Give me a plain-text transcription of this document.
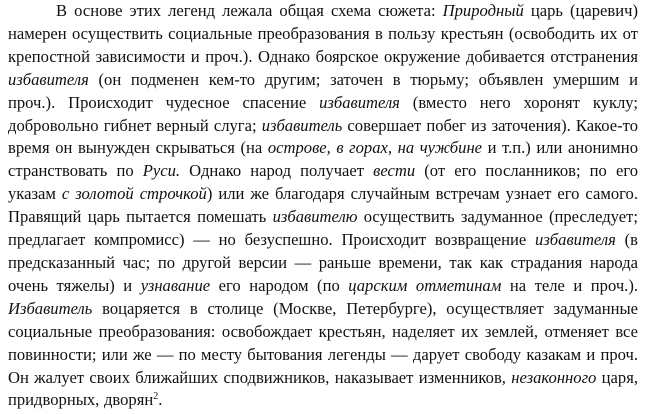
В основе этих легенд лежала общая схема сюжета: Природный царь (царевич) намерен осуществить социальные преобразования в пользу крестьян (освободить их от крепостной зависимости и проч.). Однако боярское окружение добивается отстранения избавителя (он подменен кем-то другим; заточен в тюрьму; объявлен умершим и проч.). Происходит чудесное спасение избавителя (вместо него хоронят куклу; добровольно гибнет верный слуга; избавитель совершает побег из заточения). Какое-то время он вынужден скрываться (на острове, в горах, на чужбине и т.п.) или анонимно странствовать по Руси. Однако народ получает вести (от его посланников; по его указам с золотой строчкой) или же благодаря случайным встречам узнает его самого. Правящий царь пытается помешать избавителю осуществить задуманное (преследует; предлагает компромисс) — но безуспешно. Происходит возвращение избавителя (в предсказанный час; по другой версии — раньше времени, так как страдания народа очень тяжелы) и узнавание его народом (по царским отметинам на теле и проч.). Избавитель воцаряется в столице (Москве, Петербурге), осуществляет задуманные социальные преобразования: освобождает крестьян, наделяет их землей, отменяет все повинности; или же — по месту бытования легенды — дарует свободу казакам и проч. Он жалует своих ближайших сподвижников, наказывает изменников, незаконного царя, придворных, дворян$^2$.
